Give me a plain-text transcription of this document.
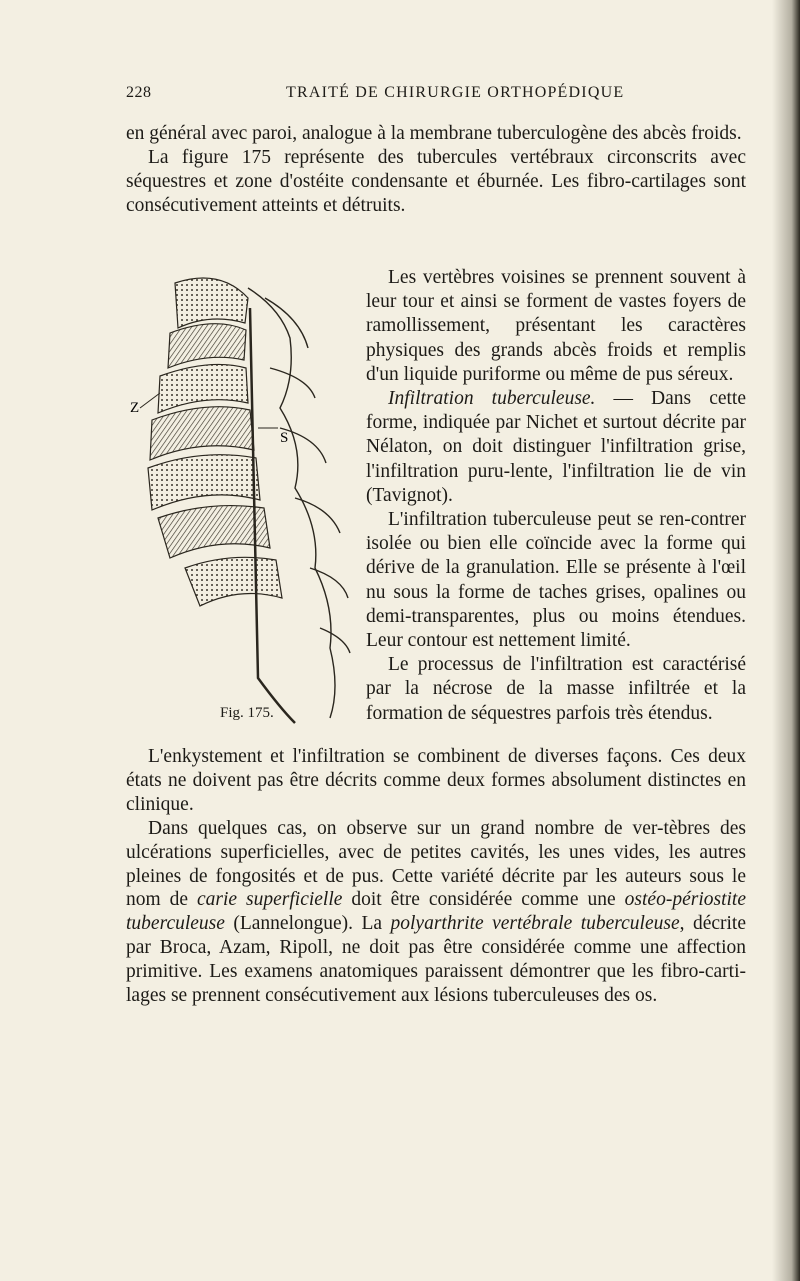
228	TRAITÉ DE CHIRURGIE ORTHOPÉDIQUE

en général avec paroi, analogue à la membrane tuberculogène des abcès froids.

La figure 175 représente des tubercules vertébraux circonscrits avec séquestres et zone d'ostéite condensante et éburnée. Les fibro-cartilages sont consécutivement atteints et détruits.

Z
S
Fig. 175.

Les vertèbres voisines se prennent souvent à leur tour et ainsi se forment de vastes foyers de ramollissement, présentant les caractères physiques des grands abcès froids et remplis d'un liquide puriforme ou même de pus séreux.

Infiltration tuberculeuse. — Dans cette forme, indiquée par Nichet et surtout décrite par Nélaton, on doit distinguer l'infiltration grise, l'infiltration puru-lente, l'infiltration lie de vin (Tavignot).

L'infiltration tuberculeuse peut se ren-contrer isolée ou bien elle coïncide avec la forme qui dérive de la granulation. Elle se présente à l'œil nu sous la forme de taches grises, opalines ou demi-transparentes, plus ou moins étendues. Leur contour est nettement limité.

Le processus de l'infiltration est caractérisé par la nécrose de la masse infiltrée et la formation de séquestres parfois très étendus.

L'enkystement et l'infiltration se combinent de diverses façons. Ces deux états ne doivent pas être décrits comme deux formes absolument distinctes en clinique.

Dans quelques cas, on observe sur un grand nombre de ver-tèbres des ulcérations superficielles, avec de petites cavités, les unes vides, les autres pleines de fongosités et de pus. Cette variété décrite par les auteurs sous le nom de carie superficielle doit être considérée comme une ostéo-périostite tuberculeuse (Lannelongue). La polyarthrite vertébrale tuberculeuse, décrite par Broca, Azam, Ripoll, ne doit pas être considérée comme une affection primitive. Les examens anatomiques paraissent démontrer que les fibro-carti-lages se prennent consécutivement aux lésions tuberculeuses des os.
